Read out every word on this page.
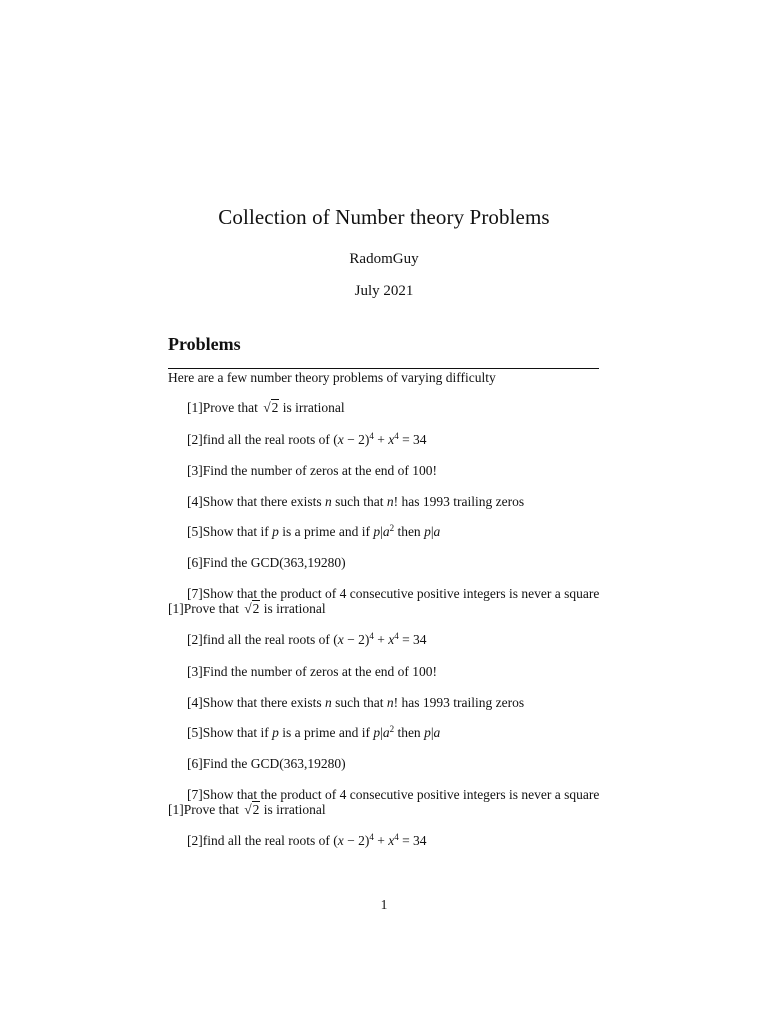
Collection of Number theory Problems
RadomGuy
July 2021
Problems
Here are a few number theory problems of varying difficulty
[1]Prove that √2 is irrational
[2]find all the real roots of $(x - 2)^4 + x^4 = 34$
[3]Find the number of zeros at the end of 100!
[4]Show that there exists n such that n! has 1993 trailing zeros
[5]Show that if p is a prime and if $p|a^2$ then p|a
[6]Find the GCD(363,19280)
[7]Show that the product of 4 consecutive positive integers is never a square
[1]Prove that √2 is irrational
[2]find all the real roots of $(x - 2)^4 + x^4 = 34$
[3]Find the number of zeros at the end of 100!
[4]Show that there exists n such that n! has 1993 trailing zeros
[5]Show that if p is a prime and if $p|a^2$ then p|a
[6]Find the GCD(363,19280)
[7]Show that the product of 4 consecutive positive integers is never a square
[1]Prove that √2 is irrational
[2]find all the real roots of $(x - 2)^4 + x^4 = 34$
1
